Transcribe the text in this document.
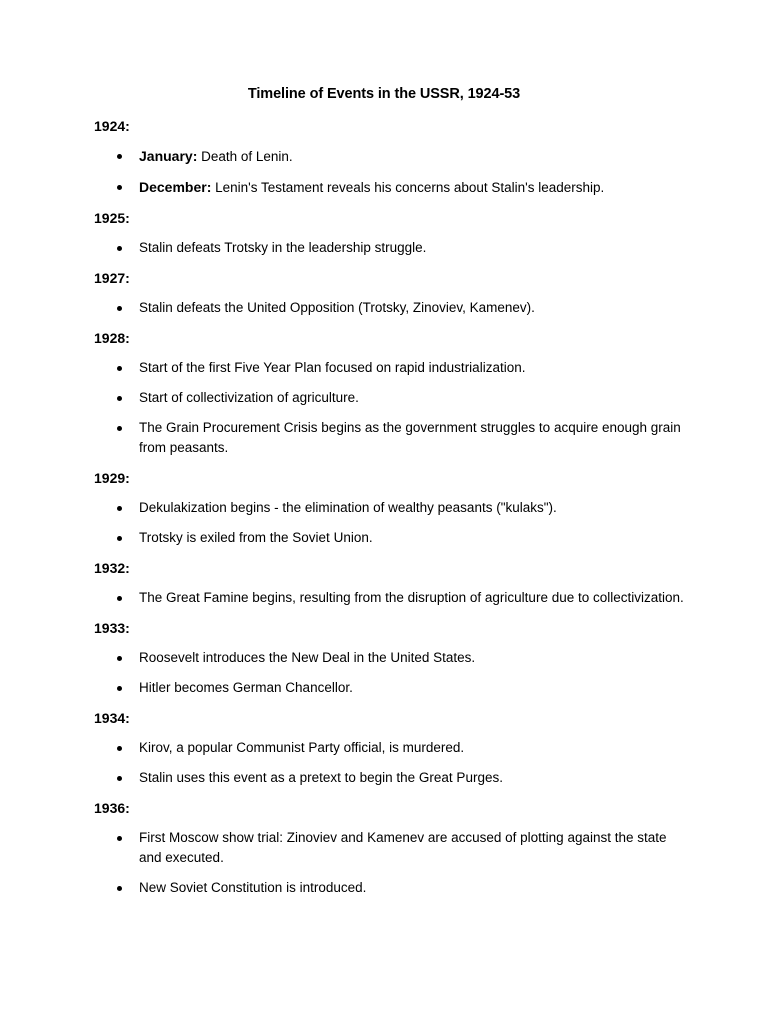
Timeline of Events in the USSR, 1924-53
1924:
January: Death of Lenin.
December: Lenin's Testament reveals his concerns about Stalin's leadership.
1925:
Stalin defeats Trotsky in the leadership struggle.
1927:
Stalin defeats the United Opposition (Trotsky, Zinoviev, Kamenev).
1928:
Start of the first Five Year Plan focused on rapid industrialization.
Start of collectivization of agriculture.
The Grain Procurement Crisis begins as the government struggles to acquire enough grain from peasants.
1929:
Dekulakization begins - the elimination of wealthy peasants ("kulaks").
Trotsky is exiled from the Soviet Union.
1932:
The Great Famine begins, resulting from the disruption of agriculture due to collectivization.
1933:
Roosevelt introduces the New Deal in the United States.
Hitler becomes German Chancellor.
1934:
Kirov, a popular Communist Party official, is murdered.
Stalin uses this event as a pretext to begin the Great Purges.
1936:
First Moscow show trial: Zinoviev and Kamenev are accused of plotting against the state and executed.
New Soviet Constitution is introduced.
